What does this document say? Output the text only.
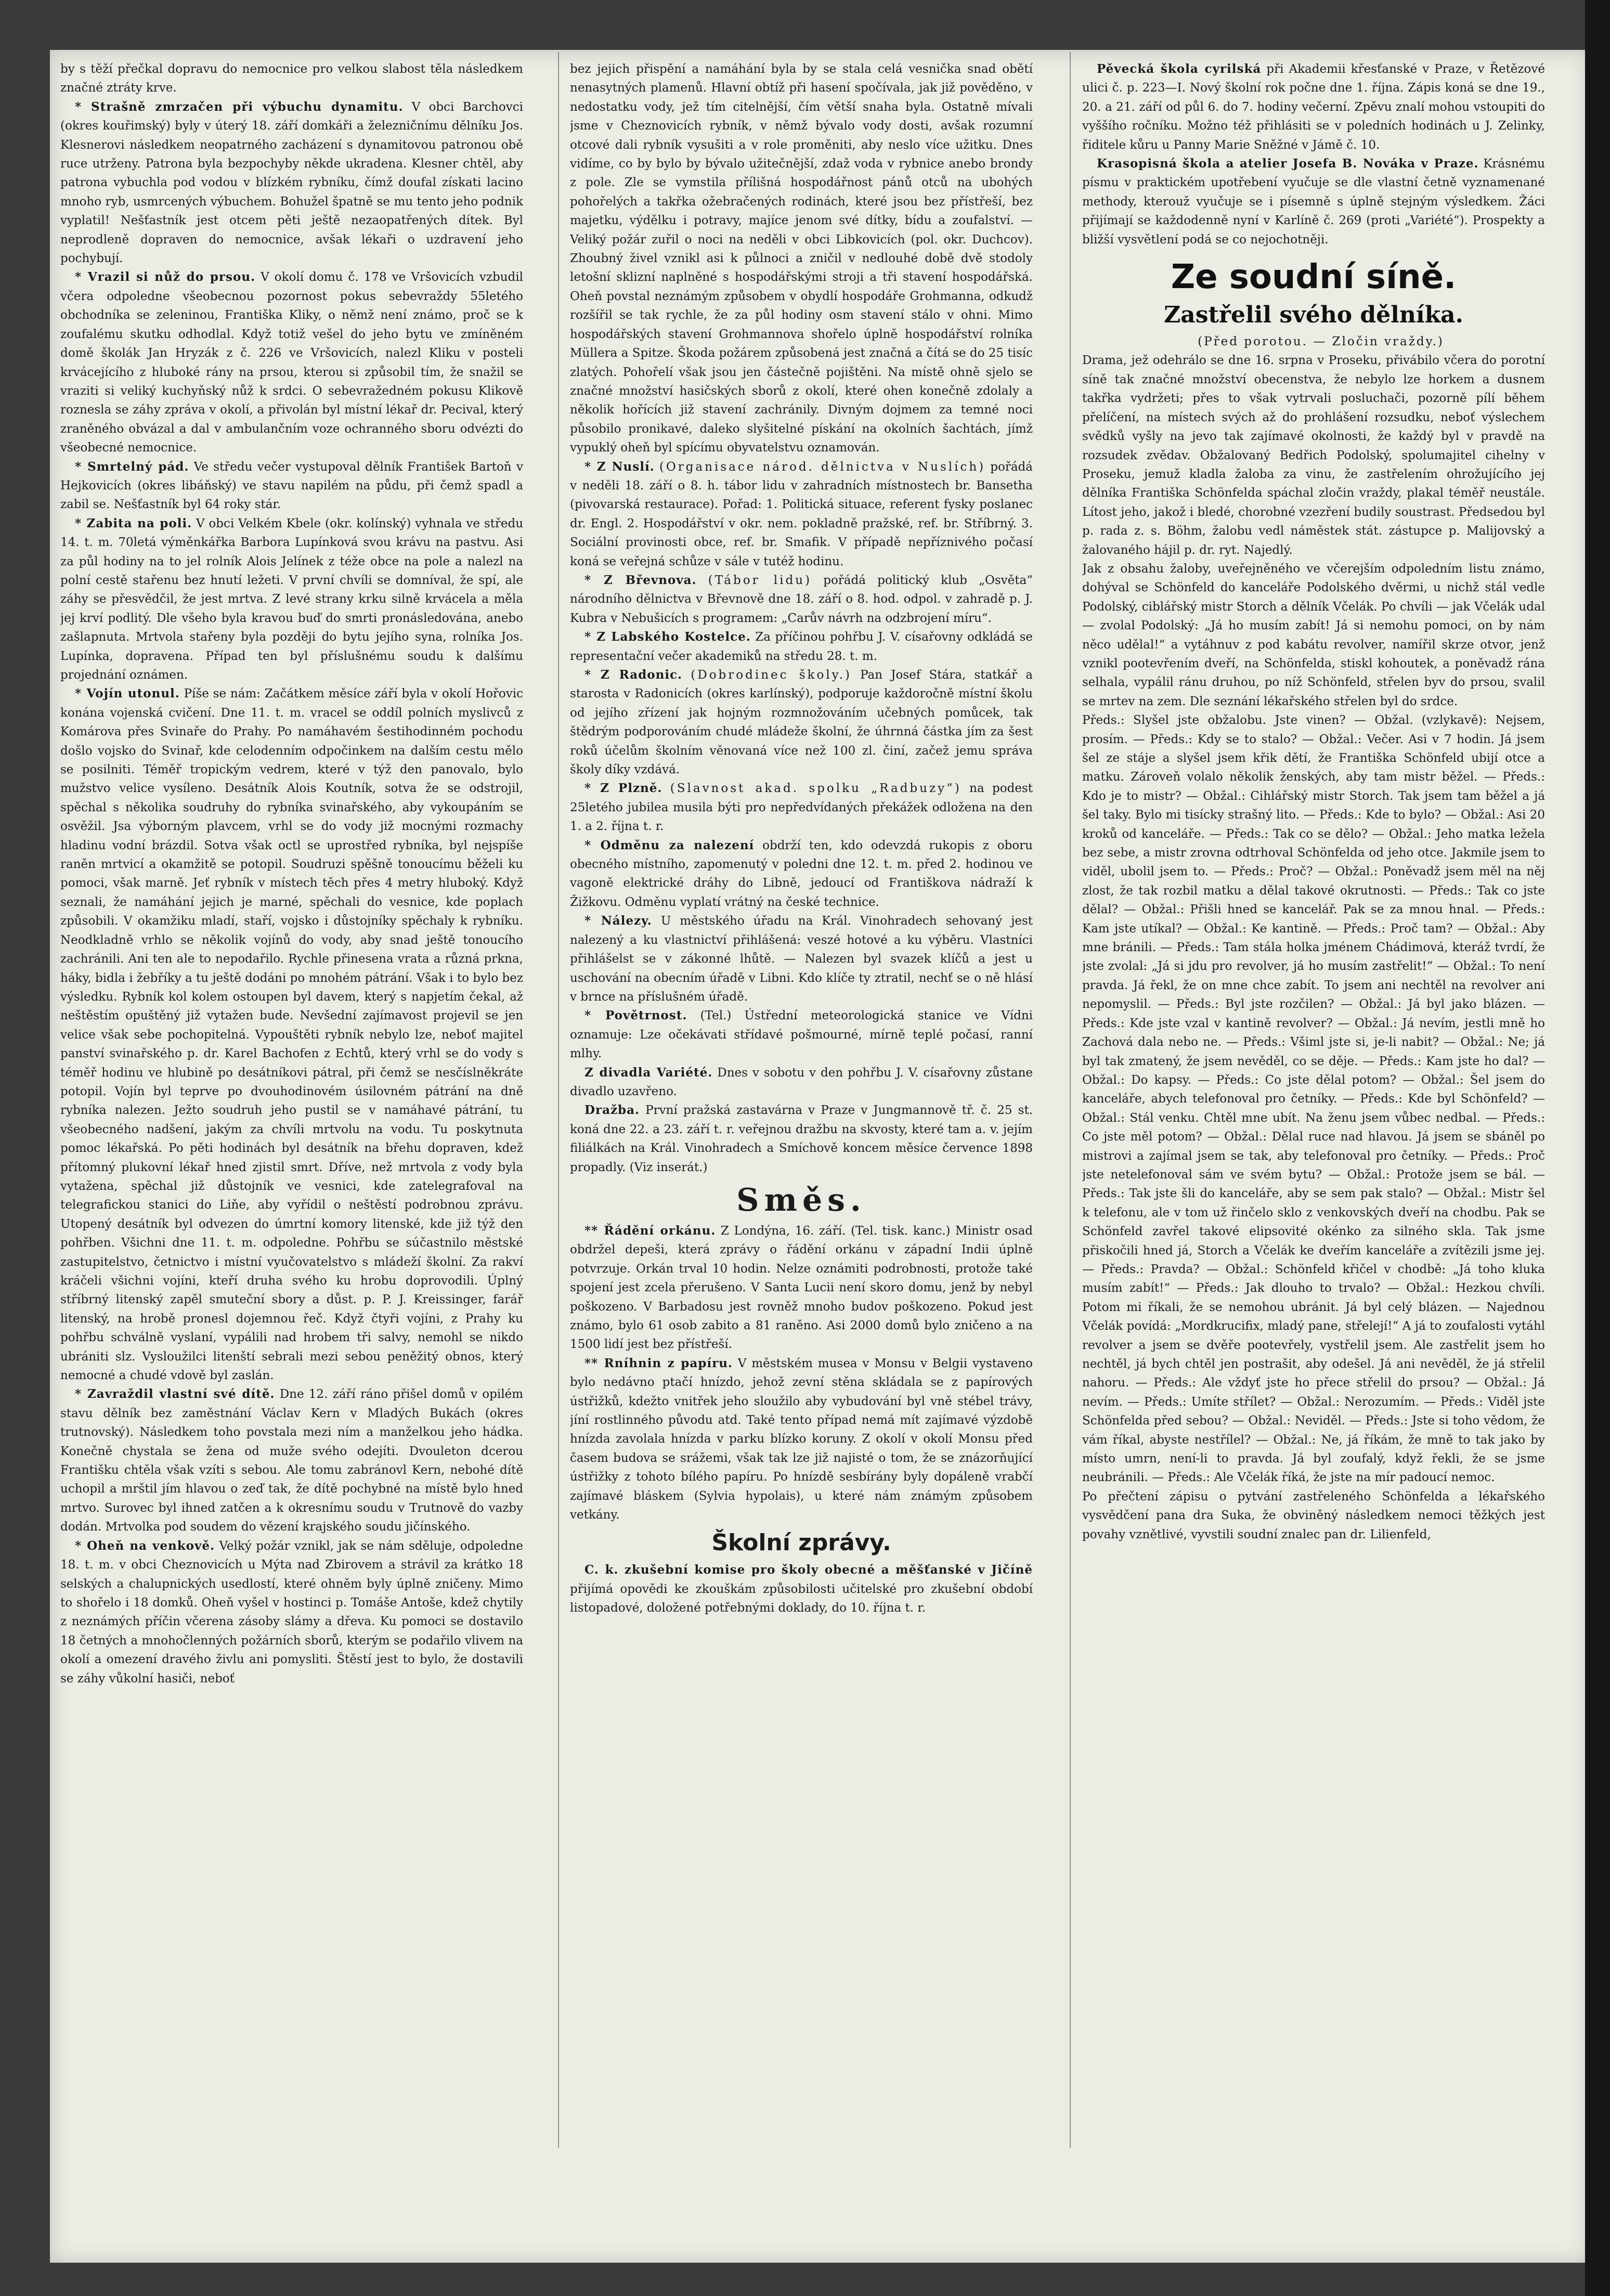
by s těží přečkal dopravu do nemocnice pro velkou slabost těla následkem značné ztráty krve.

* Strašně zmrzačen při výbuchu dynamitu. V obci Barchovci (okres kouřimský) byly v úterý 18. září domkáři a železničnímu dělníku Jos. Klesnerovi následkem neopatrného zacházení s dynamitovou patronou obě ruce utrženy. Patrona byla bezpochyby někde ukradena. Klesner chtěl, aby patrona vybuchla pod vodou v blízkém rybníku, čímž doufal získati lacino mnoho ryb, usmrcených výbuchem. Bohužel špatně se mu tento jeho podnik vyplatil! Nešťastník jest otcem pěti ještě nezaopatřených dítek. Byl neprodleně dopraven do nemocnice, avšak lékaři o uzdravení jeho pochybují.

* Vrazil si nůž do prsou. V okolí domu č. 178 ve Vršovicích vzbudil včera odpoledne všeobecnou pozornost pokus sebevraždy 55letého obchodníka se zeleninou, Františka Kliky, o němž není známo, proč se k zoufalému skutku odhodlal. Když totiž vešel do jeho bytu ve zmíněném domě školák Jan Hryzák z č. 226 ve Vršovicích, nalezl Kliku v posteli krvácejícího z hluboké rány na prsou, kterou si způsobil tím, že snažil se vraziti si veliký kuchyňský nůž k srdci. O sebevražedném pokusu Klikově roznesla se záhy zpráva v okolí, a přivolán byl místní lékař dr. Pecival, který zraněného obvázal a dal v ambulančním voze ochranného sboru odvézti do všeobecné nemocnice.

* Smrtelný pád. Ve středu večer vystupoval dělník František Bartoň v Hejkovicích (okres libáňský) ve stavu napilém na půdu, při čemž spadl a zabil se. Nešťastník byl 64 roky stár.

* Zabita na poli. V obci Velkém Kbele (okr. kolínský) vyhnala ve středu 14. t. m. 70letá výměnkářka Barbora Lupínková svou krávu na pastvu. Asi za půl hodiny na to jel rolník Alois Jelínek z téže obce na pole a nalezl na polní cestě stařenu bez hnutí ležeti. V první chvíli se domníval, že spí, ale záhy se přesvědčil, že jest mrtva. Z levé strany krku silně krvácela a měla jej krví podlitý. Dle všeho byla kravou buď do smrti pronásledována, anebo zašlapnuta. Mrtvola stařeny byla později do bytu jejího syna, rolníka Jos. Lupínka, dopravena. Případ ten byl příslušnému soudu k dalšímu projednání oznámen.

* Vojín utonul. Píše se nám: Začátkem měsíce září byla v okolí Hořovic konána vojenská cvičení. Dne 11. t. m. vracel se oddíl polních myslivců z Komárova přes Svinaře do Prahy. Po namáhavém šestihodinném pochodu došlo vojsko do Svinař, kde celodenním odpočinkem na dalším cestu mělo se posilniti. Téměř tropickým vedrem, které v týž den panovalo, bylo mužstvo velice vysíleno. Desátník Alois Koutník, sotva že se odstrojil, spěchal s několika soudruhy do rybníka svinařského, aby vykoupáním se osvěžil. Jsa výborným plavcem, vrhl se do vody již mocnými rozmachy hladinu vodní brázdil. Sotva však octl se uprostřed rybníka, byl nejspíše raněn mrtvicí a okamžitě se potopil. Soudruzi spěšně tonoucímu běželi ku pomoci, však marně. Jeť rybník v místech těch přes 4 metry hluboký. Když seznali, že namáhání jejich je marné, spěchali do vesnice, kde poplach způsobili. V okamžiku mladí, staří, vojsko i důstojníky spěchaly k rybníku. Neodkladně vrhlo se několik vojínů do vody, aby snad ještě tonoucího zachránili. Ani ten ale to nepodařilo. Rychle přinesena vrata a různá prkna, háky, bidla i žebříky a tu ještě dodáni po mnohém pátrání. Však i to bylo bez výsledku. Rybník kol kolem ostoupen byl davem, který s napjetím čekal, až neštěstím opuštěný již vytažen bude. Nevšední zajímavost projevil se jen velice však sebe pochopitelná. Vypouštěti rybník nebylo lze, neboť majitel panství svinařského p. dr. Karel Bachofen z Echtů, který vrhl se do vody s téměř hodinu ve hlubině po desátníkovi pátral, při čemž se nesčíslněkráte potopil. Vojín byl teprve po dvouhodinovém úsilovném pátrání na dně rybníka nalezen. Ježto soudruh jeho pustil se v namáhavé pátrání, tu všeobecného nadšení, jakým za chvíli mrtvolu na vodu. Tu poskytnuta pomoc lékařská. Po pěti hodinách byl desátník na břehu dopraven, kdež přítomný plukovní lékař hned zjistil smrt. Dříve, než mrtvola z vody byla vytažena, spěchal již důstojník ve vesnici, kde zatelegrafoval na telegrafickou stanici do Liňe, aby vyřídil o neštěstí podrobnou zprávu. Utopený desátník byl odvezen do úmrtní komory litenské, kde již týž den pohřben. Všichni dne 11. t. m. odpoledne. Pohřbu se súčastnilo městské zastupitelstvo, četnictvo i místní vyučovatelstvo s mládeží školní. Za rakví kráčeli všichni vojíni, kteří druha svého ku hrobu doprovodili. Úplný stříbrný litenský zapěl smuteční sbory a důst. p. P. J. Kreissinger, farář litenský, na hrobě pronesl dojemnou řeč. Když čtyři vojíni, z Prahy ku pohřbu schválně vyslaní, vypálili nad hrobem tři salvy, nemohl se nikdo ubrániti slz. Vysloužilci litenští sebrali mezi sebou peněžitý obnos, který nemocné a chudé vdově byl zaslán.

* Zavraždil vlastní své dítě. Dne 12. září ráno přišel domů v opilém stavu dělník bez zaměstnání Václav Kern v Mladých Bukách (okres trutnovský). Následkem toho povstala mezi ním a manželkou jeho hádka. Konečně chystala se žena od muže svého odejíti. Dvouleton dcerou Františku chtěla však vzíti s sebou. Ale tomu zabránovl Kern, nebohé dítě uchopil a mrštil jím hlavou o zeď tak, že dítě pochybné na místě bylo hned mrtvo. Surovec byl ihned zatčen a k okresnímu soudu v Trutnově do vazby dodán. Mrtvolka pod soudem do vězení krajského soudu jičínského.

* Oheň na venkově. Velký požár vznikl, jak se nám sděluje, odpoledne 18. t. m. v obci Cheznovicích u Mýta nad Zbirovem a strávil za krátko 18 selských a chalupnických usedlostí, které ohněm byly úplně zničeny. Mimo to shořelo i 18 domků. Oheň vyšel v hostinci p. Tomáše Antoše, kdež chytily z neznámých příčin včerena zásoby slámy a dřeva. Ku pomoci se dostavilo 18 četných a mnohočlenných požárních sborů, kterým se podařilo vlivem na okolí a omezení dravého živlu ani pomysliti. Štěstí jest to bylo, že dostavili se záhy vůkolní hasiči, neboť

bez jejich přispění a namáhání byla by se stala celá vesnička snad obětí nenasytných plamenů. Hlavní obtíž při hasení spočívala, jak již pověděno, v nedostatku vody, jež tím citelnější, čím větší snaha byla. Ostatně mívali jsme v Cheznovicích rybník, v němž bývalo vody dosti, avšak rozumní otcové dali rybník vysušiti a v role proměniti, aby neslo více užitku. Dnes vidíme, co by bylo by bývalo užitečnější, zdaž voda v rybnice anebo brondy z pole. Zle se vymstila přílišná hospodářnost pánů otců na ubohých pohořelých a takřka ožebračených rodinách, které jsou bez přístřeší, bez majetku, výdělku i potravy, majíce jenom své dítky, bídu a zoufalství. — Veliký požár zuřil o noci na neděli v obci Libkovicích (pol. okr. Duchcov). Zhoubný živel vznikl asi k půlnoci a zničil v nedlouhé době dvě stodoly letošní sklizní naplněné s hospodářskými stroji a tři stavení hospodářská. Oheň povstal neznámým způsobem v obydlí hospodáře Grohmanna, odkudž rozšířil se tak rychle, že za půl hodiny osm stavení stálo v ohni. Mimo hospodářských stavení Grohmannova shořelo úplně hospodářství rolníka Müllera a Spitze. Škoda požárem způsobená jest značná a čítá se do 25 tisíc zlatých. Pohořelí však jsou jen částečně pojištěni. Na místě ohně sjelo se značné množství hasičských sborů z okolí, které ohen konečně zdolaly a několik hořících již stavení zachránily. Divným dojmem za temné noci působilo pronikavé, daleko slyšitelné pískání na okolních šachtách, jímž vypuklý oheň byl spícímu obyvatelstvu oznamován.

* Z Nuslí. (Organisace národ. dělnictva v Nuslích) pořádá v neděli 18. září o 8. h. tábor lidu v zahradních místnostech br. Bansetha (pivovarská restaurace). Pořad: 1. Politická situace, referent fysky poslanec dr. Engl. 2. Hospodářství v okr. nem. pokladně pražské, ref. br. Stříbrný. 3. Sociální provinosti obce, ref. br. Smafik. V případě nepříznivého počasí koná se veřejná schůze v sále v tutéž hodinu.

* Z Břevnova. (Tábor lidu) pořádá politický klub „Osvěta“ národního dělnictva v Břevnově dne 18. září o 8. hod. odpol. v zahradě p. J. Kubra v Nebušicích s programem: „Carův návrh na odzbrojení míru“.

* Z Labského Kostelce. Za příčinou pohřbu J. V. císařovny odkládá se representační večer akademiků na středu 28. t. m.

* Z Radonic. (Dobrodinec školy.) Pan Josef Stára, statkář a starosta v Radonicích (okres karlínský), podporuje každoročně místní školu od jejího zřízení jak hojným rozmnožováním učebných pomůcek, tak štědrým podporováním chudé mládeže školní, že úhrnná částka jím za šest roků účelům školním věnovaná více než 100 zl. činí, začež jemu správa školy díky vzdává.

* Z Plzně. (Slavnost akad. spolku „Radbuzy“) na podest 25letého jubilea musila býti pro nepředvídaných překážek odložena na den 1. a 2. října t. r.

* Odměnu za nalezení obdrží ten, kdo odevzdá rukopis z oboru obecného místního, zapomenutý v poledni dne 12. t. m. před 2. hodinou ve vagoně elektrické dráhy do Libně, jedoucí od Františkova nádraží k Žižkovu. Odměnu vyplatí vrátný na české technice.

* Nálezy. U městského úřadu na Král. Vinohradech sehovaný jest nalezený a ku vlastnictví přihlášená: veszé hotové a ku výběru. Vlastníci přihlášelst se v zákonné lhůtě. — Nalezen byl svazek klíčů a jest u uschování na obecním úřadě v Libni. Kdo klíče ty ztratil, nechť se o ně hlásí v brnce na příslušném úřadě.

* Povětrnost. (Tel.) Ústřední meteorologická stanice ve Vídni oznamuje: Lze očekávati střídavé pošmourné, mírně teplé počasí, ranní mlhy.

Z divadla Variété. Dnes v sobotu v den pohřbu J. V. císařovny zůstane divadlo uzavřeno.

Dražba. První pražská zastavárna v Praze v Jungmannově tř. č. 25 st. koná dne 22. a 23. září t. r. veřejnou dražbu na skvosty, které tam a. v. jejím filiálkách na Král. Vinohradech a Smíchově koncem měsíce července 1898 propadly. (Viz inserát.)

Směs.

** Řádění orkánu. Z Londýna, 16. září. (Tel. tisk. kanc.) Ministr osad obdržel depeši, která zprávy o řádění orkánu v západní Indii úplně potvrzuje. Orkán trval 10 hodin. Nelze oznámiti podrobnosti, protože také spojení jest zcela přerušeno. V Santa Lucii není skoro domu, jenž by nebyl poškozeno. V Barbadosu jest rovněž mnoho budov poškozeno. Pokud jest známo, bylo 61 osob zabito a 81 raněno. Asi 2000 domů bylo zničeno a na 1500 lidí jest bez přístřeší.

** Rníhnin z papíru. V městském musea v Monsu v Belgii vystaveno bylo nedávno ptačí hnízdo, jehož zevní stěna skládala se z papírových ústřižků, kdežto vnitřek jeho sloužilo aby vybudování byl vně stébel trávy, jíní rostlinného původu atd. Také tento případ nemá mít zajímavé výzdobě hnízda zavolala hnízda v parku blízko koruny. Z okolí v okolí Monsu před časem budova se srážemi, však tak lze již najisté o tom, že se znázorňující ústřižky z tohoto bílého papíru. Po hnízdě sesbírány byly dopáleně vrabčí zajímavé bláskem (Sylvia hypolais), u které nám známým způsobem vetkány.

Školní zprávy.

C. k. zkušební komise pro školy obecné a měšťanské v Jičíně přijímá opovědi ke zkouškám způsobilosti učitelské pro zkušební období listopadové, doložené potřebnými doklady, do 10. října t. r.

Pěvecká škola cyrilská při Akademii křesťanské v Praze, v Řetězové ulici č. p. 223—I. Nový školní rok počne dne 1. října. Zápis koná se dne 19., 20. a 21. září od půl 6. do 7. hodiny večerní. Zpěvu znalí mohou vstoupiti do vyššího ročníku. Možno též přihlásiti se v poledních hodinách u J. Zelinky, řiditele kůru u Panny Marie Sněžné v Jámě č. 10.

Krasopisná škola a atelier Josefa B. Nováka v Praze. Krásnému písmu v praktickém upotřebení vyučuje se dle vlastní četně vyznamenané methody, kterouž vyučuje se i písemně s úplně stejným výsledkem. Žáci přijímají se každodenně nyní v Karlíně č. 269 (proti „Variété“). Prospekty a bližší vysvětlení podá se co nejochotněji.

Ze soudní síně.
Zastřelil svého dělníka.

(Před porotou. — Zločin vraždy.)

Drama, jež odehrálo se dne 16. srpna v Proseku, přivábilo včera do porotní síně tak značné množství obecenstva, že nebylo lze horkem a dusnem takřka vydržeti; přes to však vytrvali posluchači, pozorně pílí během přelíčení, na místech svých až do prohlášení rozsudku, neboť výslechem svědků vyšly na jevo tak zajímavé okolnosti, že každý byl v pravdě na rozsudek zvědav. Obžalovaný Bedřich Podolský, spolumajitel cihelny v Proseku, jemuž kladla žaloba za vinu, že zastřelením ohrožujícího jej dělníka Františka Schönfelda spáchal zločin vraždy, plakal téměř neustále. Lítost jeho, jakož i bledé, chorobné vzezření budily soustrast. Předsedou byl p. rada z. s. Böhm, žalobu vedl náměstek stát. zástupce p. Malijovský a žalovaného hájil p. dr. ryt. Najedlý.

Jak z obsahu žaloby, uveřejněného ve včerejším odpoledním listu známo, dohýval se Schönfeld do kanceláře Podolského dvěrmi, u nichž stál vedle Podolský, ciblářský mistr Storch a dělník Včelák. Po chvíli — jak Včelák udal — zvolal Podolský: „Já ho musím zabít! Já si nemohu pomoci, on by nám něco udělal!“ a vytáhnuv z pod kabátu revolver, namířil skrze otvor, jenž vznikl pootevřením dveří, na Schönfelda, stiskl kohoutek, a poněvadž rána selhala, vypálil ránu druhou, po níž Schönfeld, střelen byv do prsou, svalil se mrtev na zem. Dle seznání lékařského střelen byl do srdce.

Předs.: Slyšel jste obžalobu. Jste vinen? — Obžal. (vzlykavě): Nejsem, prosím. — Předs.: Kdy se to stalo? — Obžal.: Večer. Asi v 7 hodin. Já jsem šel ze stáje a slyšel jsem křik dětí, že Františka Schönfeld ubijí otce a matku. Zároveň volalo několik ženských, aby tam mistr běžel. — Předs.: Kdo je to mistr? — Obžal.: Cihlářský mistr Storch. Tak jsem tam běžel a já šel taky. Bylo mi tisícky strašný lito. — Předs.: Kde to bylo? — Obžal.: Asi 20 kroků od kanceláře. — Předs.: Tak co se dělo? — Obžal.: Jeho matka ležela bez sebe, a mistr zrovna odtrhoval Schönfelda od jeho otce. Jakmile jsem to viděl, ubolil jsem to. — Předs.: Proč? — Obžal.: Poněvadž jsem měl na něj zlost, že tak rozbil matku a dělal takové okrutnosti. — Předs.: Tak co jste dělal? — Obžal.: Přišli hned se kancelář. Pak se za mnou hnal. — Předs.: Kam jste utíkal? — Obžal.: Ke kantině. — Předs.: Proč tam? — Obžal.: Aby mne bránili. — Předs.: Tam stála holka jménem Chádimová, kteráž tvrdí, že jste zvolal: „Já si jdu pro revolver, já ho musím zastřelit!“ — Obžal.: To není pravda. Já řekl, že on mne chce zabít. To jsem ani nechtěl na revolver ani nepomyslil. — Předs.: Byl jste rozčilen? — Obžal.: Já byl jako blázen. — Předs.: Kde jste vzal v kantině revolver? — Obžal.: Já nevím, jestli mně ho Zachová dala nebo ne. — Předs.: Všiml jste si, je-li nabit? — Obžal.: Ne; já byl tak zmatený, že jsem nevěděl, co se děje. — Předs.: Kam jste ho dal? — Obžal.: Do kapsy. — Předs.: Co jste dělal potom? — Obžal.: Šel jsem do kanceláře, abych telefonoval pro četníky. — Předs.: Kde byl Schönfeld? — Obžal.: Stál venku. Chtěl mne ubít. Na ženu jsem vůbec nedbal. — Předs.: Co jste měl potom? — Obžal.: Dělal ruce nad hlavou. Já jsem se sbáněl po mistrovi a zajímal jsem se tak, aby telefonoval pro četníky. — Předs.: Proč jste netelefonoval sám ve svém bytu? — Obžal.: Protože jsem se bál. — Předs.: Tak jste šli do kanceláře, aby se sem pak stalo? — Obžal.: Mistr šel k telefonu, ale v tom už řinčelo sklo z venkovských dveří na chodbu. Pak se Schönfeld zavřel takové elipsovité okénko za silného skla. Tak jsme přiskočili hned já, Storch a Včelák ke dveřím kanceláře a zvítězili jsme jej. — Předs.: Pravda? — Obžal.: Schönfeld křičel v chodbě: „Já toho kluka musím zabít!“ — Předs.: Jak dlouho to trvalo? — Obžal.: Hezkou chvíli. Potom mi říkali, že se nemohou ubránit. Já byl celý blázen. — Najednou Včelák povídá: „Mordkrucifix, mladý pane, střelejí!“ A já to zoufalosti vytáhl revolver a jsem se dvěře pootevřely, vystřelil jsem. Ale zastřelit jsem ho nechtěl, já bych chtěl jen postrašit, aby odešel. Já ani nevěděl, že já střelil nahoru. — Předs.: Ale vždyť jste ho přece střelil do prsou? — Obžal.: Já nevím. — Předs.: Umíte střílet? — Obžal.: Nerozumím. — Předs.: Viděl jste Schönfelda před sebou? — Obžal.: Neviděl. — Předs.: Jste si toho vědom, že vám říkal, abyste nestřílel? — Obžal.: Ne, já říkám, že mně to tak jako by místo umrn, není-li to pravda. Já byl zoufalý, když řekli, že se jsme neubránili. — Předs.: Ale Včelák říká, že jste na mír padoucí nemoc.

Po přečtení zápisu o pytvání zastřeleného Schönfelda a lékařského vysvědčení pana dra Suka, že obviněný následkem nemoci těžkých jest povahy vznětlivé, vyvstili soudní znalec pan dr. Lilienfeld,
